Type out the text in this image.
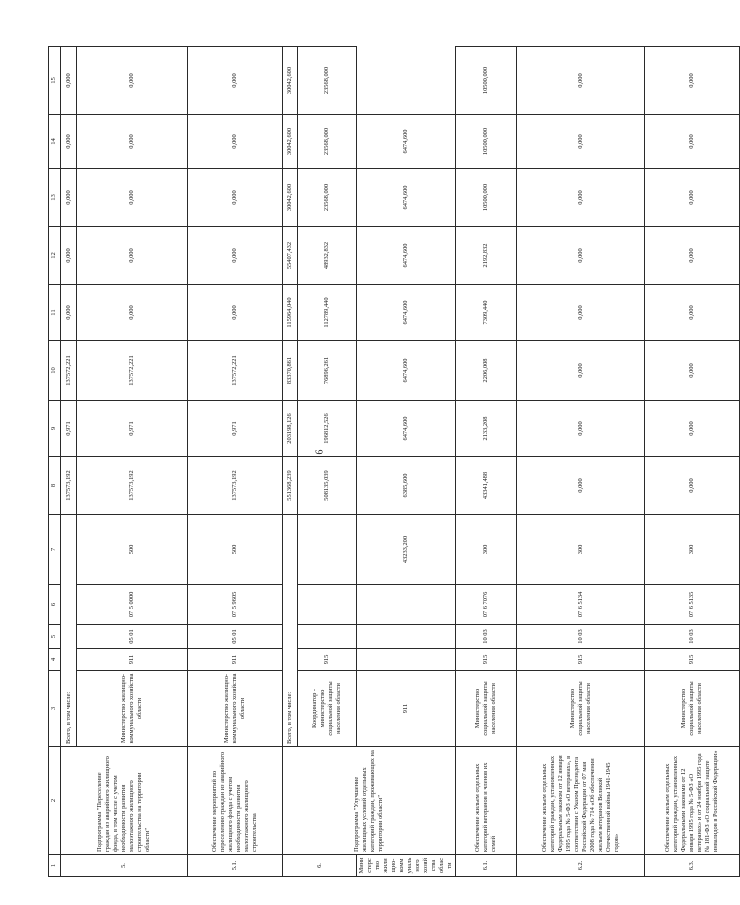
9
1	2	3	4	5	6	7	8	9	10	11	12	13	14	15
5.	Подпрограмма "Переселение граждан из аварийного жилищного фонда, в том числе с учетом необходимости развития малоэтажного жилищного строительства на территории области"	Всего, в том числе:					137573,192	0,971	137572,221	0,000	0,000	0,000	0,000	0,000
		Министерство жилищно-коммунального хозяйства области	911	05 01	07 5 0000	500	137573,192	0,971	137572,221	0,000	0,000	0,000	0,000	0,000
5.1.	Обеспечение мероприятий по переселению граждан из аварийного жилищного фонда с учетом необходимости развития малоэтажного жилищного строительства	Министерство жилищно-коммунального хозяйства области	911	05 01	07 5 9605	500	137573,192	0,971	137572,221	0,000	0,000	0,000	0,000	0,000
6.	Подпрограмма "Улучшение жилищных условий отдельных категорий граждан, проживающих на территории области"	Всего, в том числе:					551368,239	203198,126	83370,861	115964,040	55407,432	30042,600	30042,600	30042,600
		Координатор - министерство социальной защиты населения области	915				508135,039	196812,526	76896,261	112789,440	48932,832	23568,000	23568,000	23568,000
Министерство жилищно-коммунального хозяйства области		911				43233,200	6385,600	6474,600	6474,600	6474,600	6474,600	6474,600	6474,600	
6.1.	Обеспечение жильем отдельных категорий ветеранов и членов их семей	Министерство социальной защиты населения области	915	10 03	07 6 7076	300	43341,488	2133,208	2206,008	7309,440	2192,832	10500,000	10500,000	10500,000
6.2.	Обеспечение жильем отдельных категорий граждан, установленных Федеральным законом от 12 января 1995 года № 5-ФЗ «О ветеранах», в соответствии с Указом Президента Российской Федерации от 07 мая 2008 года № 714 «Об обеспечении жильем ветеранов Великой Отечественной войны 1941-1945 годов»	Министерство социальной защиты населения области	915	10 03	07 6 5134	300	0,000	0,000	0,000	0,000	0,000	0,000	0,000	0,000
6.3.	Обеспечение жильем отдельных категорий граждан, установленных Федеральными законами от 12 января 1995 года № 5-ФЗ «О ветеранах» и от 24 ноября 1995 года № 181-ФЗ «О социальной защите инвалидов в Российской Федерации»	Министерство социальной защиты населения области	915	10 03	07 6 5135	300	0,000	0,000	0,000	0,000	0,000	0,000	0,000	0,000
